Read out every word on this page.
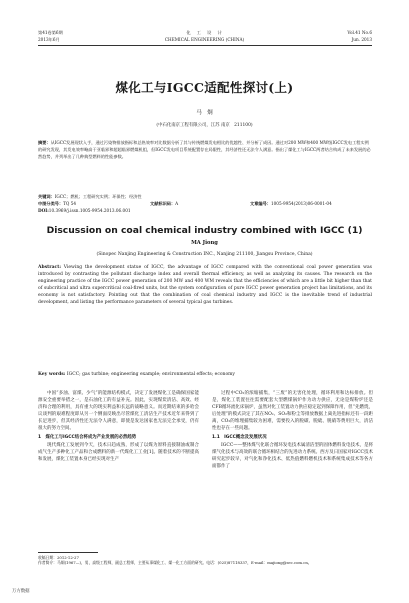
第41卷第6期
2013年6月
化　工　设　计
CHEMICAL ENGINEERING (CHINA)
Vol.41 No.6
Jun. 2013
煤化工与IGCC适配性探讨(上)
马　炯
(中石化南京工程有限公司，江苏 南京　211100)
摘要：从IGCC发展现状入手，通过污染物排放指标和总热效率对比数据分析了其与传统燃煤发电相比的优越性、并分析了成因。通过对200 MW和400 MW级IGCC发电工程实例的研究发现，其发电效率略高于亚临界和超超临界燃煤机组，但IGCC发电项目系统配置存在局限性，其经济性还无法令人满意。指出了煤化工与IGCC两者结合构成了未来发展的必然趋势，并列举出了几种典型燃料的性能参数。
关键词：IGCC；燃机；工程研究实例；环保性；经济性
中图分类号：TQ 54	文献标识码：A	文章编号：1005-9954(2013)06-0001-04
DOI:10.3969/j.issn.1005-9954.2013.06.001
Discussion on coal chemical industry combined with IGCC (1)
MA Jiong
(Sinopec Nanjing Engineering & Construction INC., Nanjing 211100, Jiangsu Province, China)
Abstract: Viewing the development statue of IGCC, the advantage of IGCC compared with the conventional coal power generation was introduced by contrasting the pollutant discharge index and overall thermal efficiency, as well as analyzing its causes. The research on the engineering practice of the IGCC power generation of 200 MW and 400 WM reveals that the efficiencies of which are a little bit higher than that of subcritical and ultra supercritical coal-fired units, but the system configuration of pure IGCC power generation project has limitations, and its economy is not satisfactory. Pointing out that the combination of coal chemical industry and IGCC is the inevitable trend of industrial development, and listing the performance parameters of several typical gas turbines.
Key words: IGCC; gas turbine; engineering example; environmental effects; economy

中国“多油、富煤、少气”的能源结构模式，决定了发展煤化工是确保国家能源安全重要举措之一，是石油化工的有益补充。因此，实现煤炭清洁、高效、经济和合理的利用，具有重大的现实利益和长远的战略意义。而近期结束的多哈会议谈判的艰难程度即从另一个侧面反映出尽管煤化工清洁生产技术近年来得到了长足进步，但其经济性还无法令人满意，即使是发达国家也无法完全承受，仍有很大的努力空间。

1　煤化工与IGCC结合将成为产业发展的必然趋势

现代煤化工发展到今天，技术日趋成熟，形成了以煤为原料直接制油或制合成气生产多种化工产品和合成燃料的新一代煤化工工业[1]。随着技术的不断提高和发展，煤化工装置本身已经实现对生产

过程中CO₂的浓缩捕集，“三废”的无害化处理，循环利用和达标排放。但是，煤化工装置往往需要配套大型燃煤锅炉作为动力供应，无论是煤粉炉还是CFB循环流化床锅炉，虽然对化工装置动力供应稳定起到保障作用，但“先燃烧，后处理”的模式决定了其在NOₓ、SO₂和粉尘等排放数据上离先进指标还有一段距离，CO₂的堆埋捕集较为困难，需要投入的脱碳、脱硫、脱硝等费用巨大，清洁性也存在一些问题。

1.1　IGCC概念及发展状况

IGCC——整体煤气化联合循环发电技术属清洁型的固体燃料发电技术，是将煤气化技术与高效的联合循环相结合的先进动力系统。西方及日国家对IGCC技术研究起步较早，对气化和净化技术、低热值燃料燃机技术和系统集成技术等各方面都作了

收稿日期：2012-12-27
作者简介：马炯(1967—)，男，高级工程师，副总工程师，主要从事煤化工、煤一化工方面的研究。电话：(025)87118337，E-mail：majiong@sec.com.cn。
万方数据
